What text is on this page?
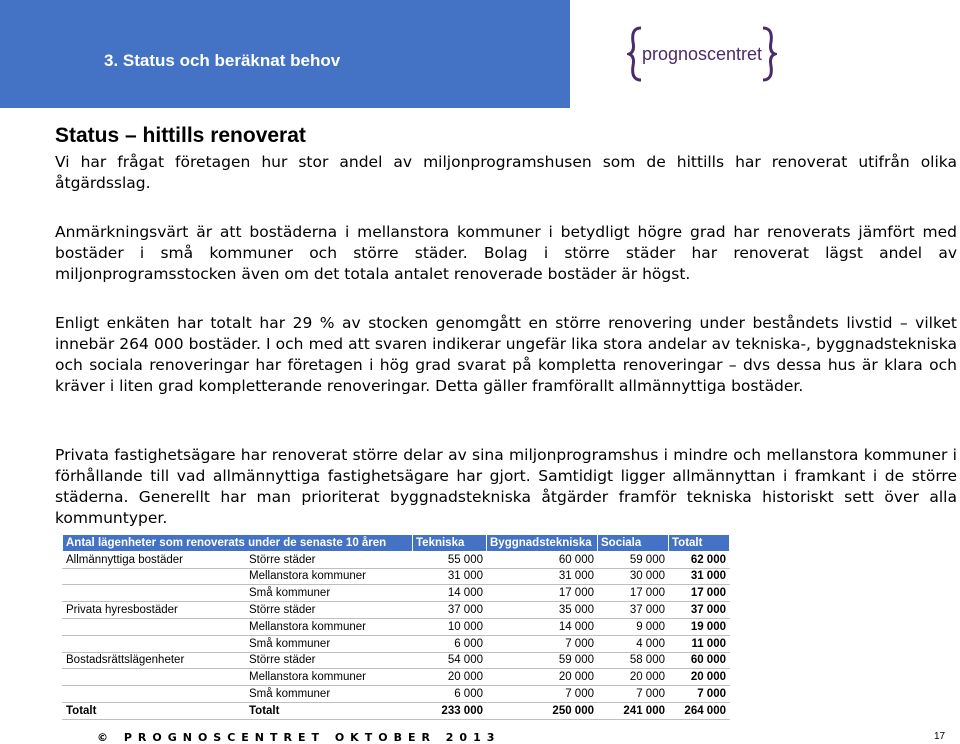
3. Status och beräknat behov	prognoscentret
Status – hittills renoverat

Vi har frågat företagen hur stor andel av miljonprogramshusen som de hittills har renoverat utifrån olika åtgärdsslag.

Anmärkningsvärt är att bostäderna i mellanstora kommuner i betydligt högre grad har renoverats jämfört med bostäder i små kommuner och större städer. Bolag i större städer har renoverat lägst andel av miljonprogramsstocken även om det totala antalet renoverade bostäder är högst.

Enligt enkäten har totalt har 29 % av stocken genomgått en större renovering under beståndets livstid – vilket innebär 264 000 bostäder. I och med att svaren indikerar ungefär lika stora andelar av tekniska-, byggnadstekniska och sociala renoveringar har företagen i hög grad svarat på kompletta renoveringar – dvs dessa hus är klara och kräver i liten grad kompletterande renoveringar. Detta gäller framförallt allmännyttiga bostäder.

Privata fastighetsägare har renoverat större delar av sina miljonprogramshus i mindre och mellanstora kommuner i förhållande till vad allmännyttiga fastighetsägare har gjort. Samtidigt ligger allmännyttan i framkant i de större städerna. Generellt har man prioriterat byggnadstekniska åtgärder framför tekniska historiskt sett över alla kommuntyper.

Antal lägenheter som renoverats under de senaste 10 åren		Tekniska	Byggnadstekniska	Sociala	Totalt
Allmännyttiga bostäder	Större städer	55 000	60 000	59 000	62 000
	Mellanstora kommuner	31 000	31 000	30 000	31 000
	Små kommuner	14 000	17 000	17 000	17 000
Privata hyresbostäder	Större städer	37 000	35 000	37 000	37 000
	Mellanstora kommuner	10 000	14 000	9 000	19 000
	Små kommuner	6 000	7 000	4 000	11 000
Bostadsrättslägenheter	Större städer	54 000	59 000	58 000	60 000
	Mellanstora kommuner	20 000	20 000	20 000	20 000
	Små kommuner	6 000	7 000	7 000	7 000
Totalt	Totalt	233 000	250 000	241 000	264 000
© PROGNOSCENTRET OKTOBER 2013	17
